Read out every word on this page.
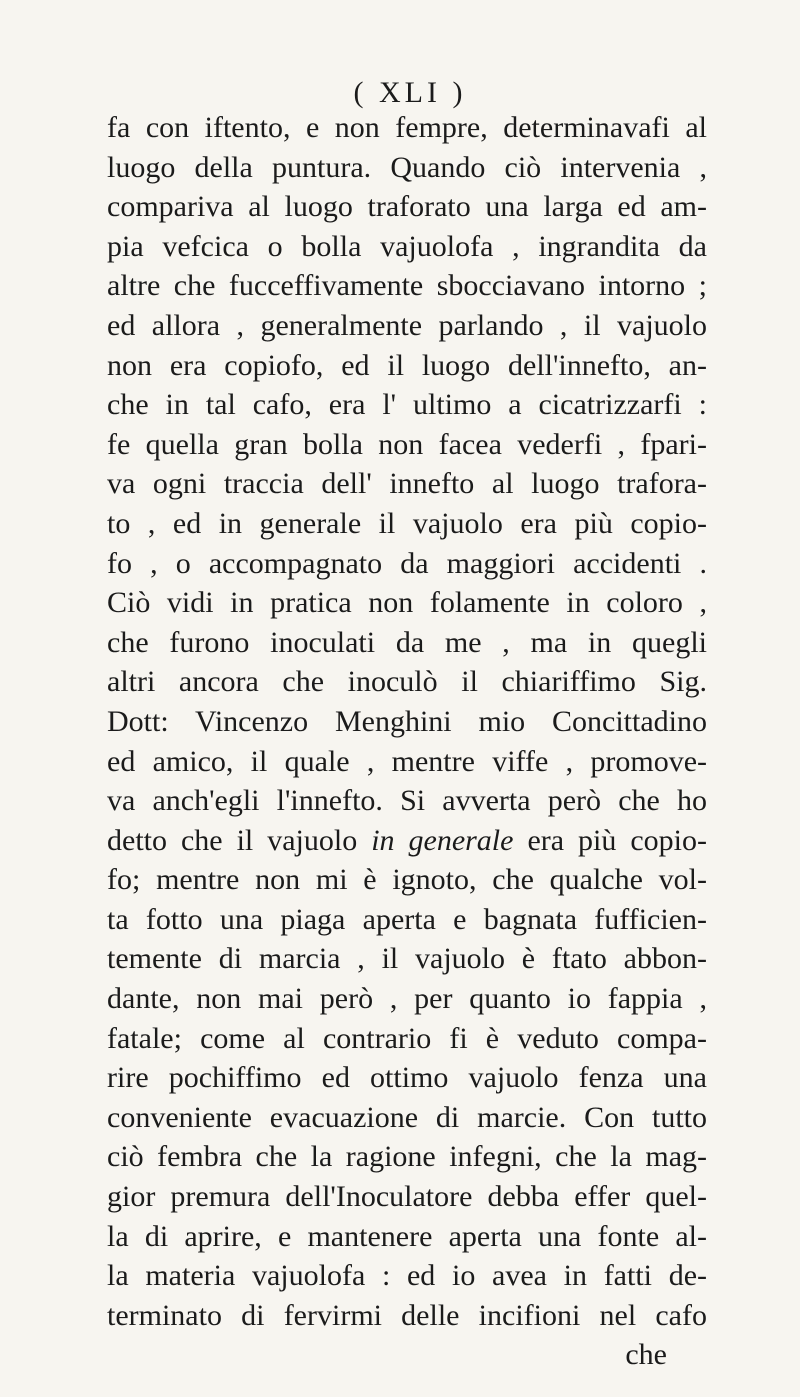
( XLI )
fa con iftento, e non fempre, determinavafi al
luogo della puntura. Quando ciò intervenia ,
compariva al luogo traforato una larga ed am-
pia vefcica o bolla vajuolofa , ingrandita da
altre che fucceffivamente sbocciavano intorno ;
ed allora , generalmente parlando , il vajuolo
non era copiofo, ed il luogo dell'innefto, an-
che in tal cafo, era l' ultimo a cicatrizzarfi :
fe quella gran bolla non facea vederfi , fpari-
va ogni traccia dell' innefto al luogo trafora-
to , ed in generale il vajuolo era più copio-
fo , o accompagnato da maggiori accidenti .
Ciò vidi in pratica non folamente in coloro ,
che furono inoculati da me , ma in quegli
altri ancora che inoculò il chiariffimo Sig.
Dott: Vincenzo Menghini mio Concittadino
ed amico, il quale , mentre viffe , promove-
va anch'egli l'innefto. Si avverta però che ho
detto che il vajuolo in generale era più copio-
fo; mentre non mi è ignoto, che qualche vol-
ta fotto una piaga aperta e bagnata fufficien-
temente di marcia , il vajuolo è ftato abbon-
dante, non mai però , per quanto io fappia ,
fatale; come al contrario fi è veduto compa-
rire pochiffimo ed ottimo vajuolo fenza una
conveniente evacuazione di marcie. Con tutto
ciò fembra che la ragione infegni, che la mag-
gior premura dell'Inoculatore debba effer quel-
la di aprire, e mantenere aperta una fonte al-
la materia vajuolofa : ed io avea in fatti de-
terminato di fervirmi delle incifioni nel cafo
che
